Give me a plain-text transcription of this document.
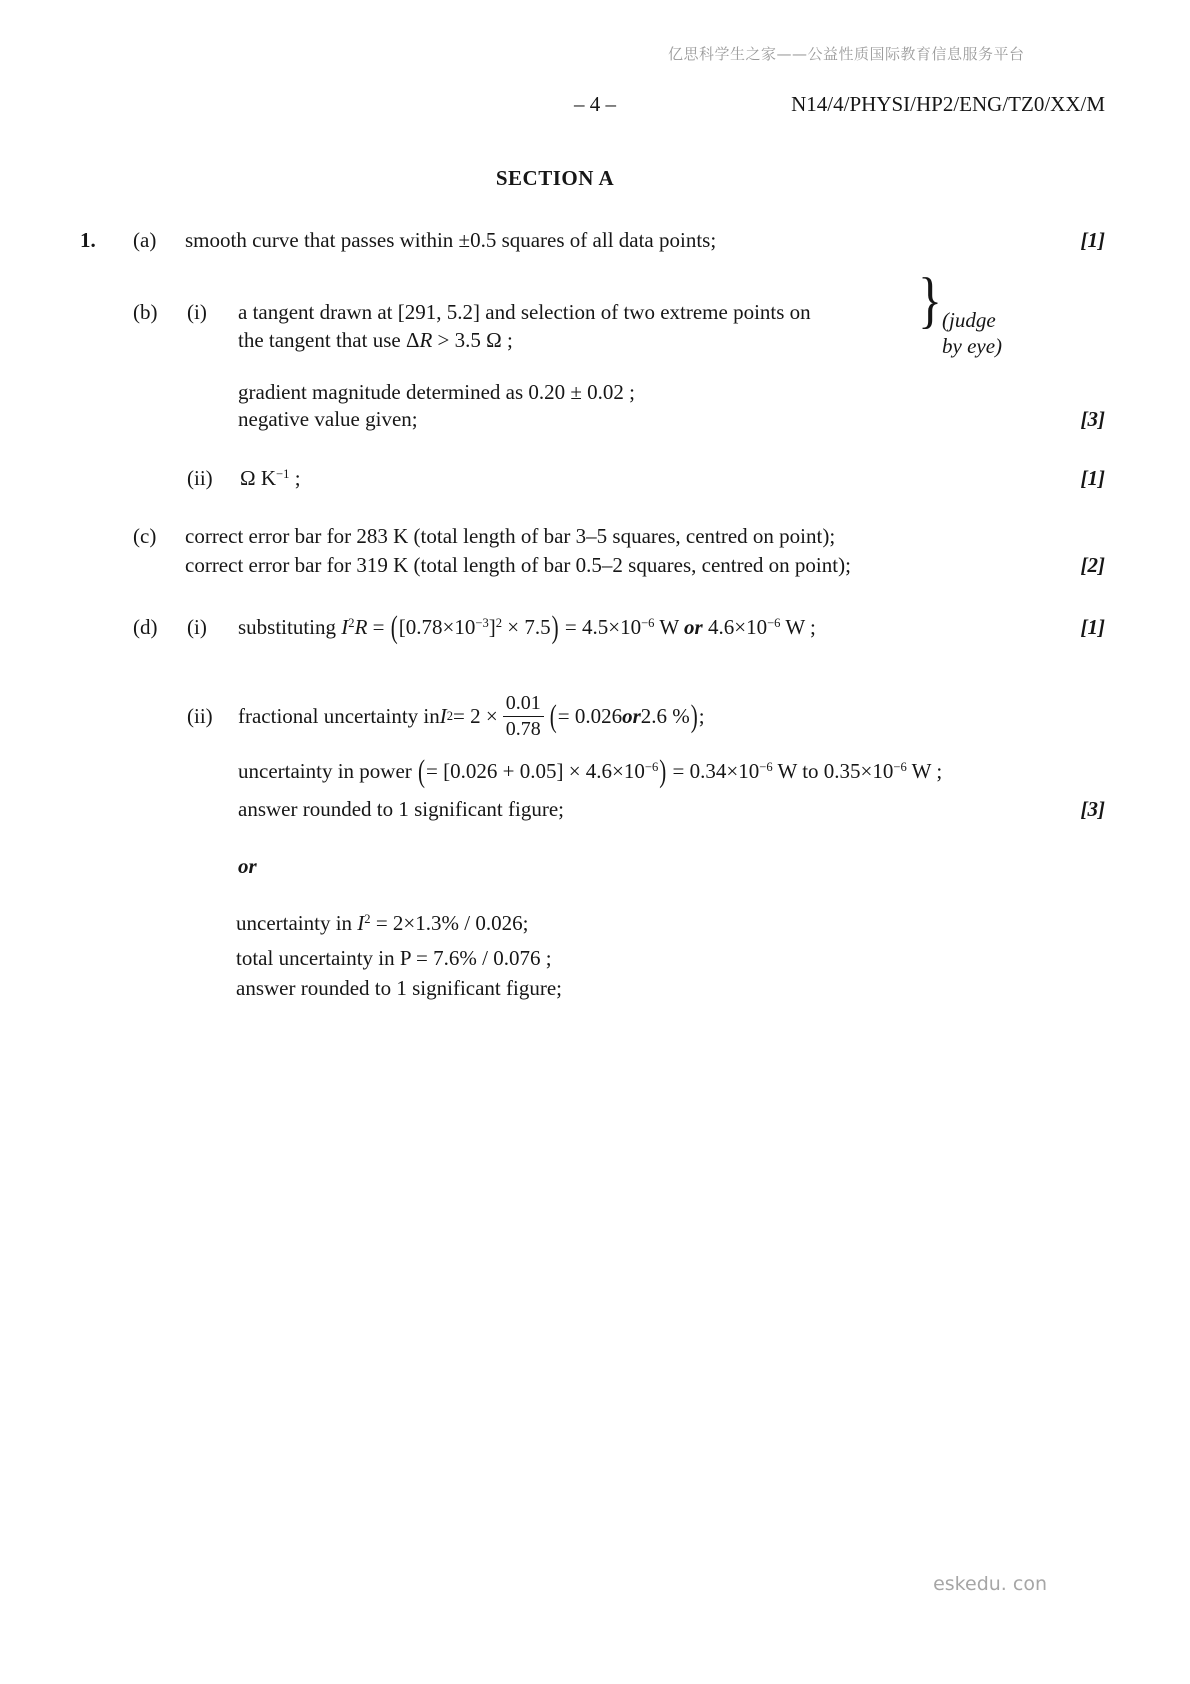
亿思科学生之家——公益性质国际教育信息服务平台
– 4 –	N14/4/PHYSI/HP2/ENG/TZ0/XX/M
SECTION A
1. (a) smooth curve that passes within ±0.5 squares of all data points;	[1]
(b) (i) a tangent drawn at [291, 5.2] and selection of two extreme points on
the tangent that use ΔR > 3.5 Ω ;
} (judge
by eye)
gradient magnitude determined as 0.20 ± 0.02 ;
negative value given;	[3]
(ii) Ω $K^{-1}$ ;	[1]
(c) correct error bar for 283 K (total length of bar 3–5 squares, centred on point);
correct error bar for 319 K (total length of bar 0.5–2 squares, centred on point);	[2]
(d) (i) substituting $I^2R = ([0.78\times 10^{-3}]^2 \times 7.5) = 4.5\times 10^{-6}$ W or $4.6\times 10^{-6}$ W ;	[1]
(ii) fractional uncertainty in I $2 = 2 \times \frac{0.01}{0.78}$ ( = 0.026 or 2.6 % ) ;
uncertainty in power (= $[0.026 + 0.05] \times 4.6\times 10^{-6}) = 0.34\times 10^{-6}$ W to $0.35\times 10^{-6}$ W ;
answer rounded to 1 significant figure;	[3]
or
uncertainty in $I^2 = 2\times 1.3\% / 0.026$;
total uncertainty in P = 7.6% / 0.076 ;
answer rounded to 1 significant figure;
eskedu. con
